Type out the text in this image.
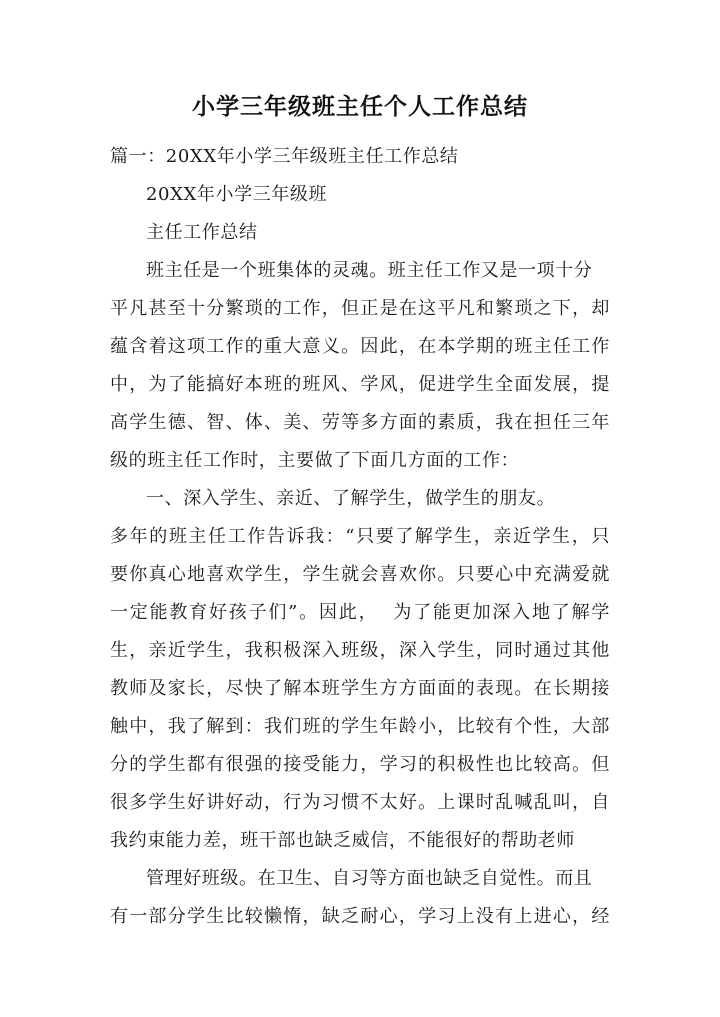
小学三年级班主任个人工作总结
篇一：20XX年小学三年级班主任工作总结
20XX年小学三年级班
主任工作总结
班主任是一个班集体的灵魂。班主任工作又是一项十分
平凡甚至十分繁琐的工作，但正是在这平凡和繁琐之下，却
蕴含着这项工作的重大意义。因此，在本学期的班主任工作
中，为了能搞好本班的班风、学风，促进学生全面发展，提
高学生德、智、体、美、劳等多方面的素质，我在担任三年
级的班主任工作时，主要做了下面几方面的工作：
一、深入学生、亲近、了解学生，做学生的朋友。
多年的班主任工作告诉我：“只要了解学生，亲近学生，只
要你真心地喜欢学生，学生就会喜欢你。只要心中充满爱就
一定能教育好孩子们”。因此，  为了能更加深入地了解学
生，亲近学生，我积极深入班级，深入学生，同时通过其他
教师及家长，尽快了解本班学生方方面面的表现。在长期接
触中，我了解到：我们班的学生年龄小，比较有个性，大部
分的学生都有很强的接受能力，学习的积极性也比较高。但
很多学生好讲好动，行为习惯不太好。上课时乱喊乱叫，自
我约束能力差，班干部也缺乏威信，不能很好的帮助老师
管理好班级。在卫生、自习等方面也缺乏自觉性。而且
有一部分学生比较懒惰，缺乏耐心，学习上没有上进心，经
